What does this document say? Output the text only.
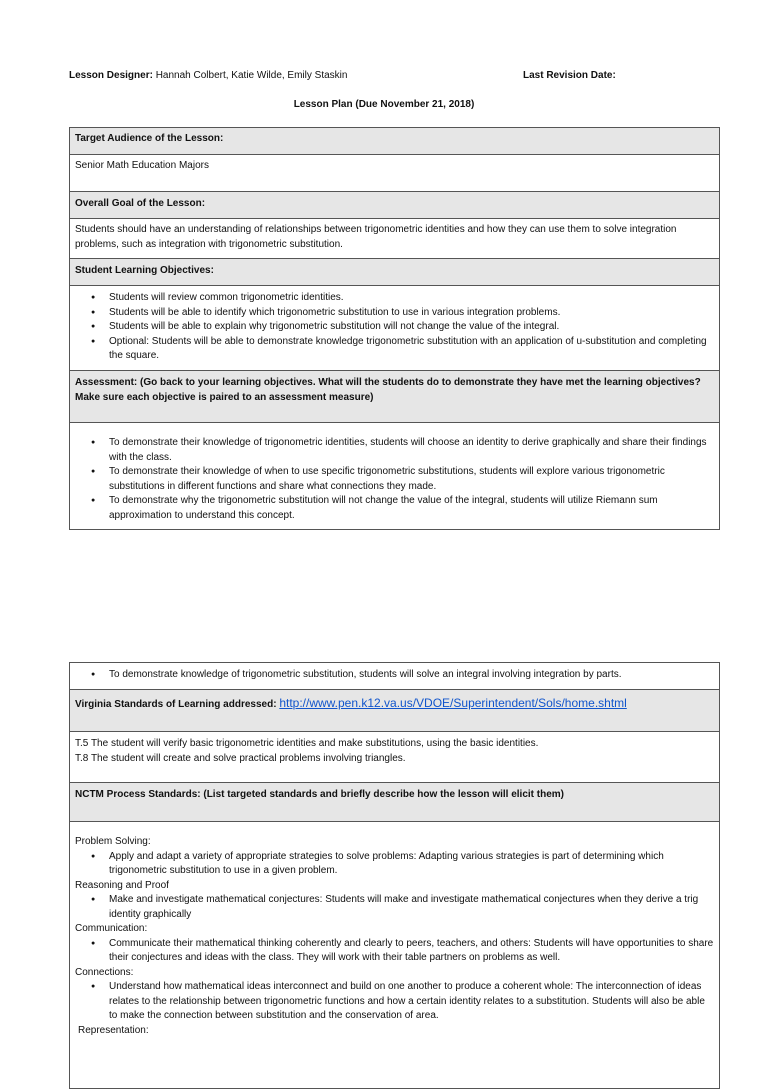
Lesson Designer: Hannah Colbert, Katie Wilde, Emily Staskin	Last Revision Date:
Lesson Plan (Due November 21, 2018)
Target Audience of the Lesson:
Senior Math Education Majors
Overall Goal of the Lesson:
Students should have an understanding of relationships between trigonometric identities and how they can use them to solve integration problems, such as integration with trigonometric substitution.
Student Learning Objectives:

● Students will review common trigonometric identities.
● Students will be able to identify which trigonometric substitution to use in various integration problems.
● Students will be able to explain why trigonometric substitution will not change the value of the integral.
● Optional: Students will be able to demonstrate knowledge trigonometric substitution with an application of u-substitution and completing the square.

Assessment: (Go back to your learning objectives. What will the students do to demonstrate they have met the learning objectives? Make sure each objective is paired to an assessment measure)

● To demonstrate their knowledge of trigonometric identities, students will choose an identity to derive graphically and share their findings with the class.
● To demonstrate their knowledge of when to use specific trigonometric substitutions, students will explore various trigonometric substitutions in different functions and share what connections they made.
● To demonstrate why the trigonometric substitution will not change the value of the integral, students will utilize Riemann sum approximation to understand this concept.
● To demonstrate knowledge of trigonometric substitution, students will solve an integral involving integration by parts.

Virginia Standards of Learning addressed: http://www.pen.k12.va.us/VDOE/Superintendent/Sols/home.shtml

T.5 The student will verify basic trigonometric identities and make substitutions, using the basic identities.
T.8 The student will create and solve practical problems involving triangles.

NCTM Process Standards: (List targeted standards and briefly describe how the lesson will elicit them)

Problem Solving:
● Apply and adapt a variety of appropriate strategies to solve problems: Adapting various strategies is part of determining which trigonometric substitution to use in a given problem.
Reasoning and Proof
● Make and investigate mathematical conjectures: Students will make and investigate mathematical conjectures when they derive a trig identity graphically
Communication:
● Communicate their mathematical thinking coherently and clearly to peers, teachers, and others: Students will have opportunities to share their conjectures and ideas with the class. They will work with their table partners on problems as well.
Connections:
● Understand how mathematical ideas interconnect and build on one another to produce a coherent whole: The interconnection of ideas relates to the relationship between trigonometric functions and how a certain identity relates to a substitution. Students will also be able to make the connection between substitution and the conservation of area.
Representation:
